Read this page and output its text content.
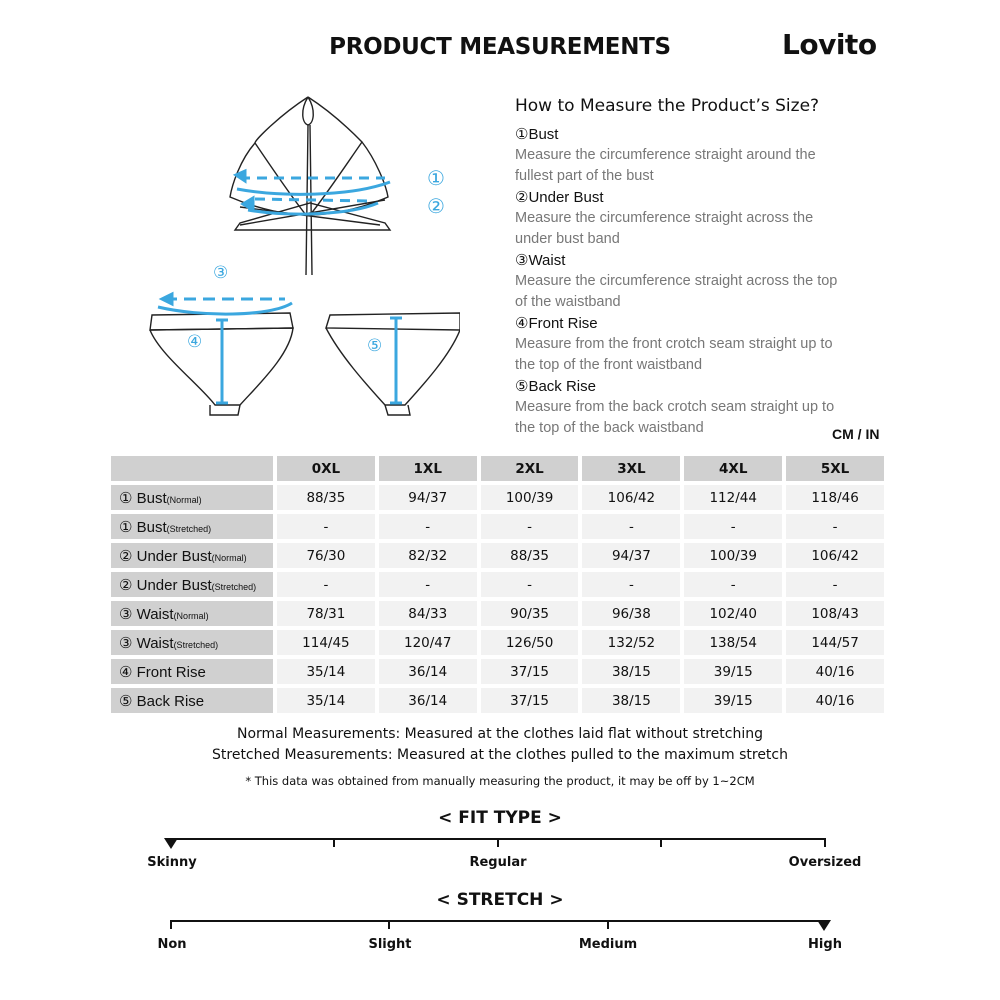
PRODUCT MEASUREMENTS	Lovito
①
②
③
④	⑤
How to Measure the Product’s Size?
①Bust
Measure the circumference straight around the
fullest part of the bust
②Under Bust
Measure the circumference straight across the
under bust band
③Waist
Measure the circumference straight across the top
of the waistband
④Front Rise
Measure from the front crotch seam straight up to
the top of the front waistband
⑤Back Rise
Measure from the back crotch seam straight up to
the top of the back waistband	CM / IN
	0XL	1XL	2XL	3XL	4XL	5XL
① Bust(Normal)	88/35	94/37	100/39	106/42	112/44	118/46
① Bust(Stretched)	-	-	-	-	-	-
② Under Bust(Normal)	76/30	82/32	88/35	94/37	100/39	106/42
② Under Bust(Stretched)	-	-	-	-	-	-
③ Waist(Normal)	78/31	84/33	90/35	96/38	102/40	108/43
③ Waist(Stretched)	114/45	120/47	126/50	132/52	138/54	144/57
④ Front Rise	35/14	36/14	37/15	38/15	39/15	40/16
⑤ Back Rise	35/14	36/14	37/15	38/15	39/15	40/16
Normal Measurements: Measured at the clothes laid flat without stretching
Stretched Measurements: Measured at the clothes pulled to the maximum stretch
* This data was obtained from manually measuring the product, it may be off by 1~2CM
< FIT TYPE >
Skinny	Regular	Oversized
< STRETCH >
Non	Slight	Medium	High
